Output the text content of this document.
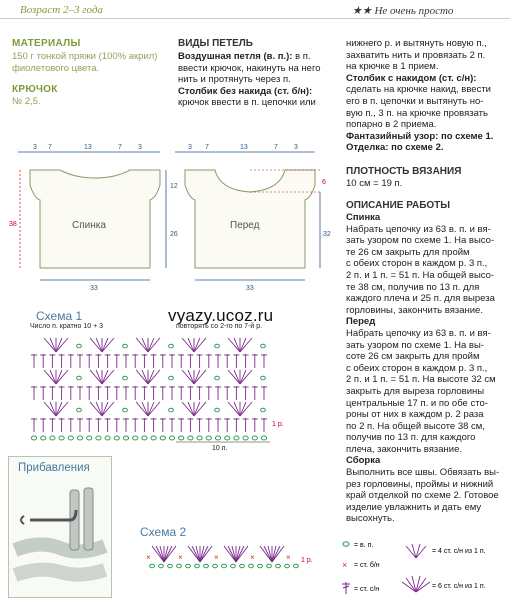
Возраст 2–3 года	★★ Не очень просто
МАТЕРИАЛЫ
150 г тонкой пряжи (100% акрил)
фиолетового цвета.
КРЮЧОК
№ 2,5.
ВИДЫ ПЕТЕЛЬ
Воздушная петля (в. п.): в п.
ввести крючок, накинуть на него
нить и протянуть через п.
Столбик без накида (ст. б/н):
крючок ввести в п. цепочки или
нижнего р. и вытянуть новую п.,
захватить нить и провязать 2 п.
на крючке в 1 прием.
Столбик с накидом (ст. с/н):
сделать на крючке накид, ввести
его в п. цепочки и вытянуть но-
вую п., 3 п. на крючке провязать
попарно в 2 приема.
Фантазийный узор: по схеме 1.
Отделка: по схеме 2.
ПЛОТНОСТЬ ВЯЗАНИЯ
10 см = 19 п.
ОПИСАНИЕ РАБОТЫ
Спинка
Набрать цепочку из 63 в. п. и вя-
зать узором по схеме 1. На высо-
те 26 см закрыть для пройм
с обеих сторон в каждом р. 3 п.,
2 п. и 1 п. = 51 п. На общей высо-
те 38 см, получив по 13 п. для
каждого плеча и 25 п. для выреза
горловины, закончить вязание.
Перед
Набрать цепочку из 63 в. п. и вя-
зать узором по схеме 1. На вы-
соте 26 см закрыть для пройм
с обеих сторон в каждом р. 3 п.,
2 п. и 1 п. = 51 п. На высоте 32 см
закрыть для выреза горловины
центральные 17 п. и по обе сто-
роны от них в каждом р. 2 раза
по 2 п. На общей высоте 38 см,
получив по 13 п. для каждого
плеча, закончить вязание.
Сборка
Выполнить все швы. Обвязать вы-
рез горловины, проймы и нижний
край отделкой по схеме 2. Готовое
изделие увлажнить и дать ему
высохнуть.
3 7	13	7 3
38
12
26
33
Спинка
3 7	13	7 3
6
32
33
Перед
vyazy.ucoz.ru
Схема 1
Число п. кратно 10 + 3	повторять со 2-го по 7-й р.
1 р.
10 п.
Прибавления
Схема 2
×	×	×	×
×	1 р.
= в. п.
× = ст. б/н
= ст. с/н
= 4 ст. с/н из 1 п.
= 6 ст. с/н из 1 п.
